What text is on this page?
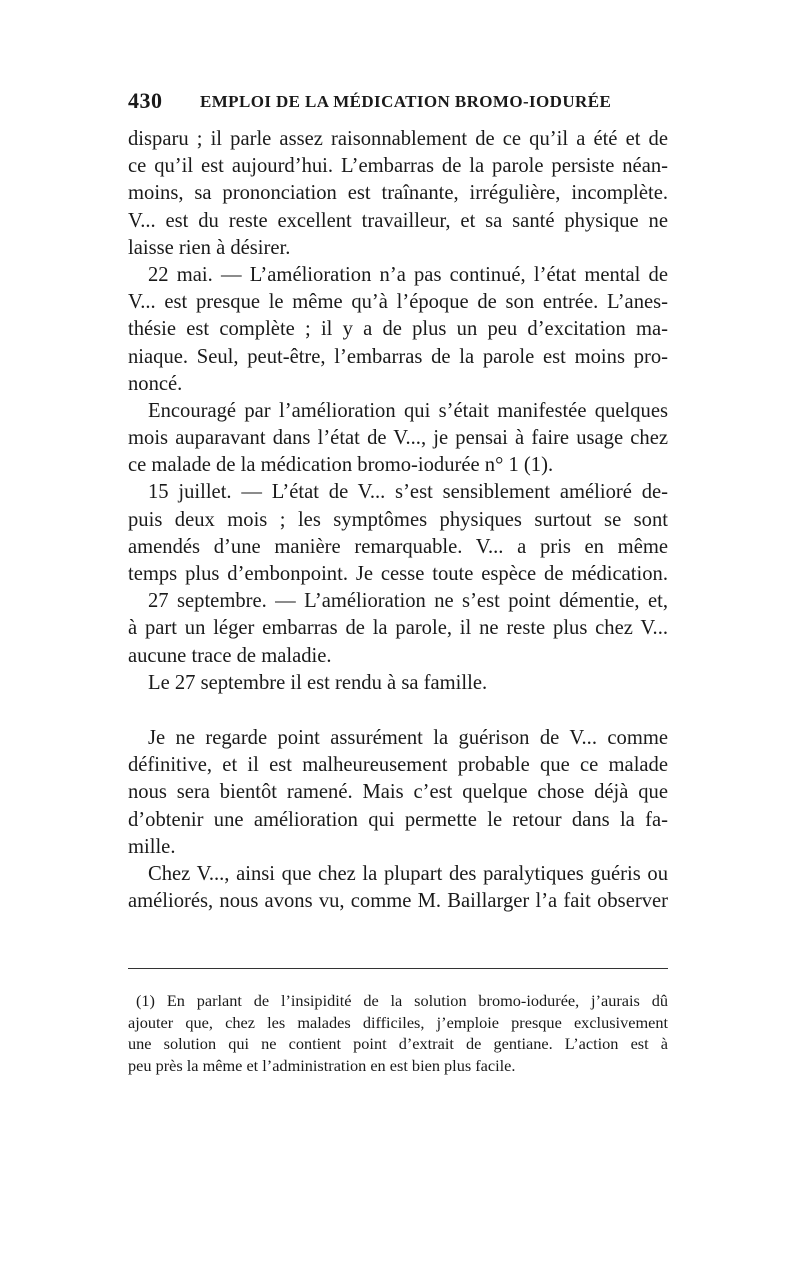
430 EMPLOI DE LA MÉDICATION BROMO-IODURÉE
disparu ; il parle assez raisonnablement de ce qu’il a été et de
ce qu’il est aujourd’hui. L’embarras de la parole persiste néan-
moins, sa prononciation est traînante, irrégulière, incomplète.
V... est du reste excellent travailleur, et sa santé physique ne
laisse rien à désirer.
22 mai. — L’amélioration n’a pas continué, l’état mental de
V... est presque le même qu’à l’époque de son entrée. L’anes-
thésie est complète ; il y a de plus un peu d’excitation ma-
niaque. Seul, peut-être, l’embarras de la parole est moins pro-
noncé.
Encouragé par l’amélioration qui s’était manifestée quelques
mois auparavant dans l’état de V..., je pensai à faire usage chez
ce malade de la médication bromo-iodurée n° 1 (1).
15 juillet. — L’état de V... s’est sensiblement amélioré de-
puis deux mois ; les symptômes physiques surtout se sont
amendés d’une manière remarquable. V... a pris en même
temps plus d’embonpoint. Je cesse toute espèce de médication.
27 septembre. — L’amélioration ne s’est point démentie, et,
à part un léger embarras de la parole, il ne reste plus chez V...
aucune trace de maladie.
Le 27 septembre il est rendu à sa famille.
Je ne regarde point assurément la guérison de V... comme
définitive, et il est malheureusement probable que ce malade
nous sera bientôt ramené. Mais c’est quelque chose déjà que
d’obtenir une amélioration qui permette le retour dans la fa-
mille.
Chez V..., ainsi que chez la plupart des paralytiques guéris ou
améliorés, nous avons vu, comme M. Baillarger l’a fait observer
(1) En parlant de l’insipidité de la solution bromo-iodurée, j’aurais dû
ajouter que, chez les malades difficiles, j’emploie presque exclusivement
une solution qui ne contient point d’extrait de gentiane. L’action est à
peu près la même et l’administration en est bien plus facile.
